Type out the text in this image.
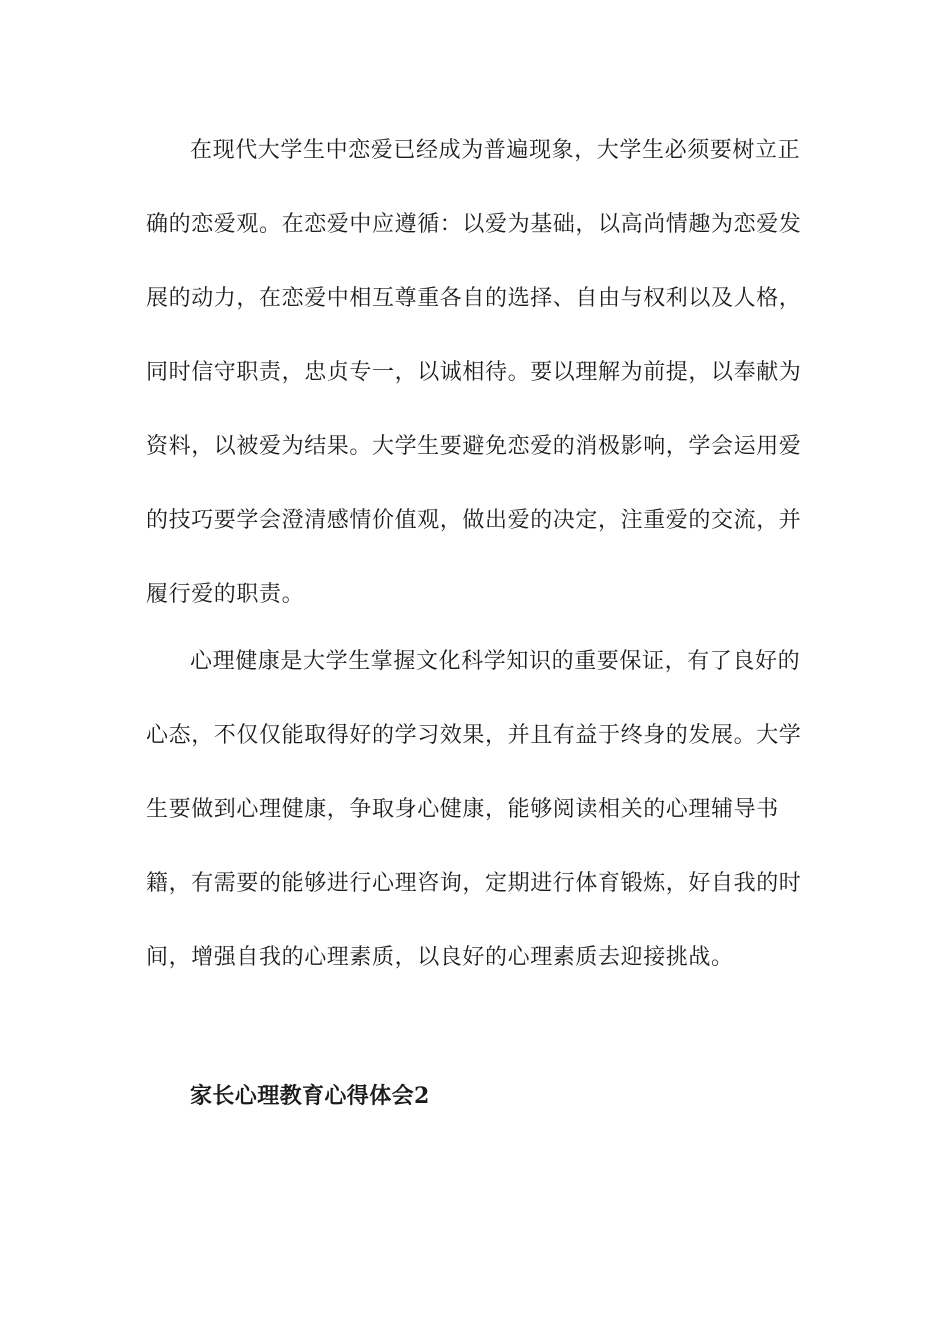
在现代大学生中恋爱已经成为普遍现象，大学生必须要树立正
确的恋爱观。在恋爱中应遵循：以爱为基础，以高尚情趣为恋爱发
展的动力，在恋爱中相互尊重各自的选择、自由与权利以及人格，
同时信守职责，忠贞专一，以诚相待。要以理解为前提，以奉献为
资料，以被爱为结果。大学生要避免恋爱的消极影响，学会运用爱
的技巧要学会澄清感情价值观，做出爱的决定，注重爱的交流，并
履行爱的职责。
心理健康是大学生掌握文化科学知识的重要保证，有了良好的
心态，不仅仅能取得好的学习效果，并且有益于终身的发展。大学
生要做到心理健康，争取身心健康，能够阅读相关的心理辅导书
籍，有需要的能够进行心理咨询，定期进行体育锻炼，好自我的时
间，增强自我的心理素质，以良好的心理素质去迎接挑战。
家长心理教育心得体会2
